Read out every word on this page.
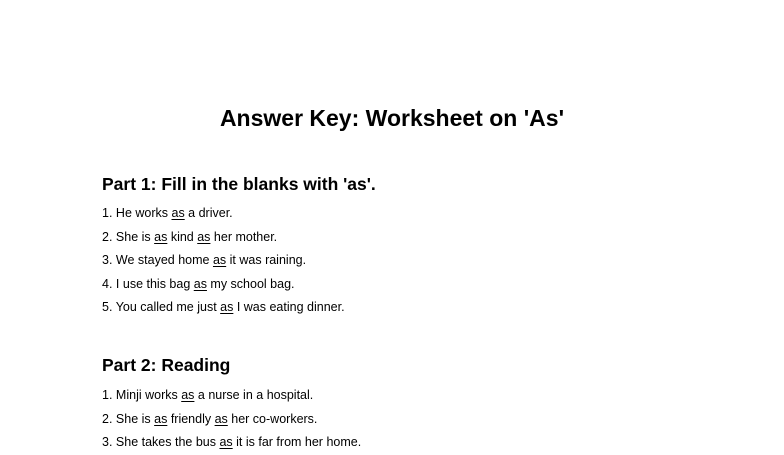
Answer Key: Worksheet on 'As'
Part 1: Fill in the blanks with 'as'.
1. He works as a driver.
2. She is as kind as her mother.
3. We stayed home as it was raining.
4. I use this bag as my school bag.
5. You called me just as I was eating dinner.
Part 2: Reading
1. Minji works as a nurse in a hospital.
2. She is as friendly as her co-workers.
3. She takes the bus as it is far from her home.
